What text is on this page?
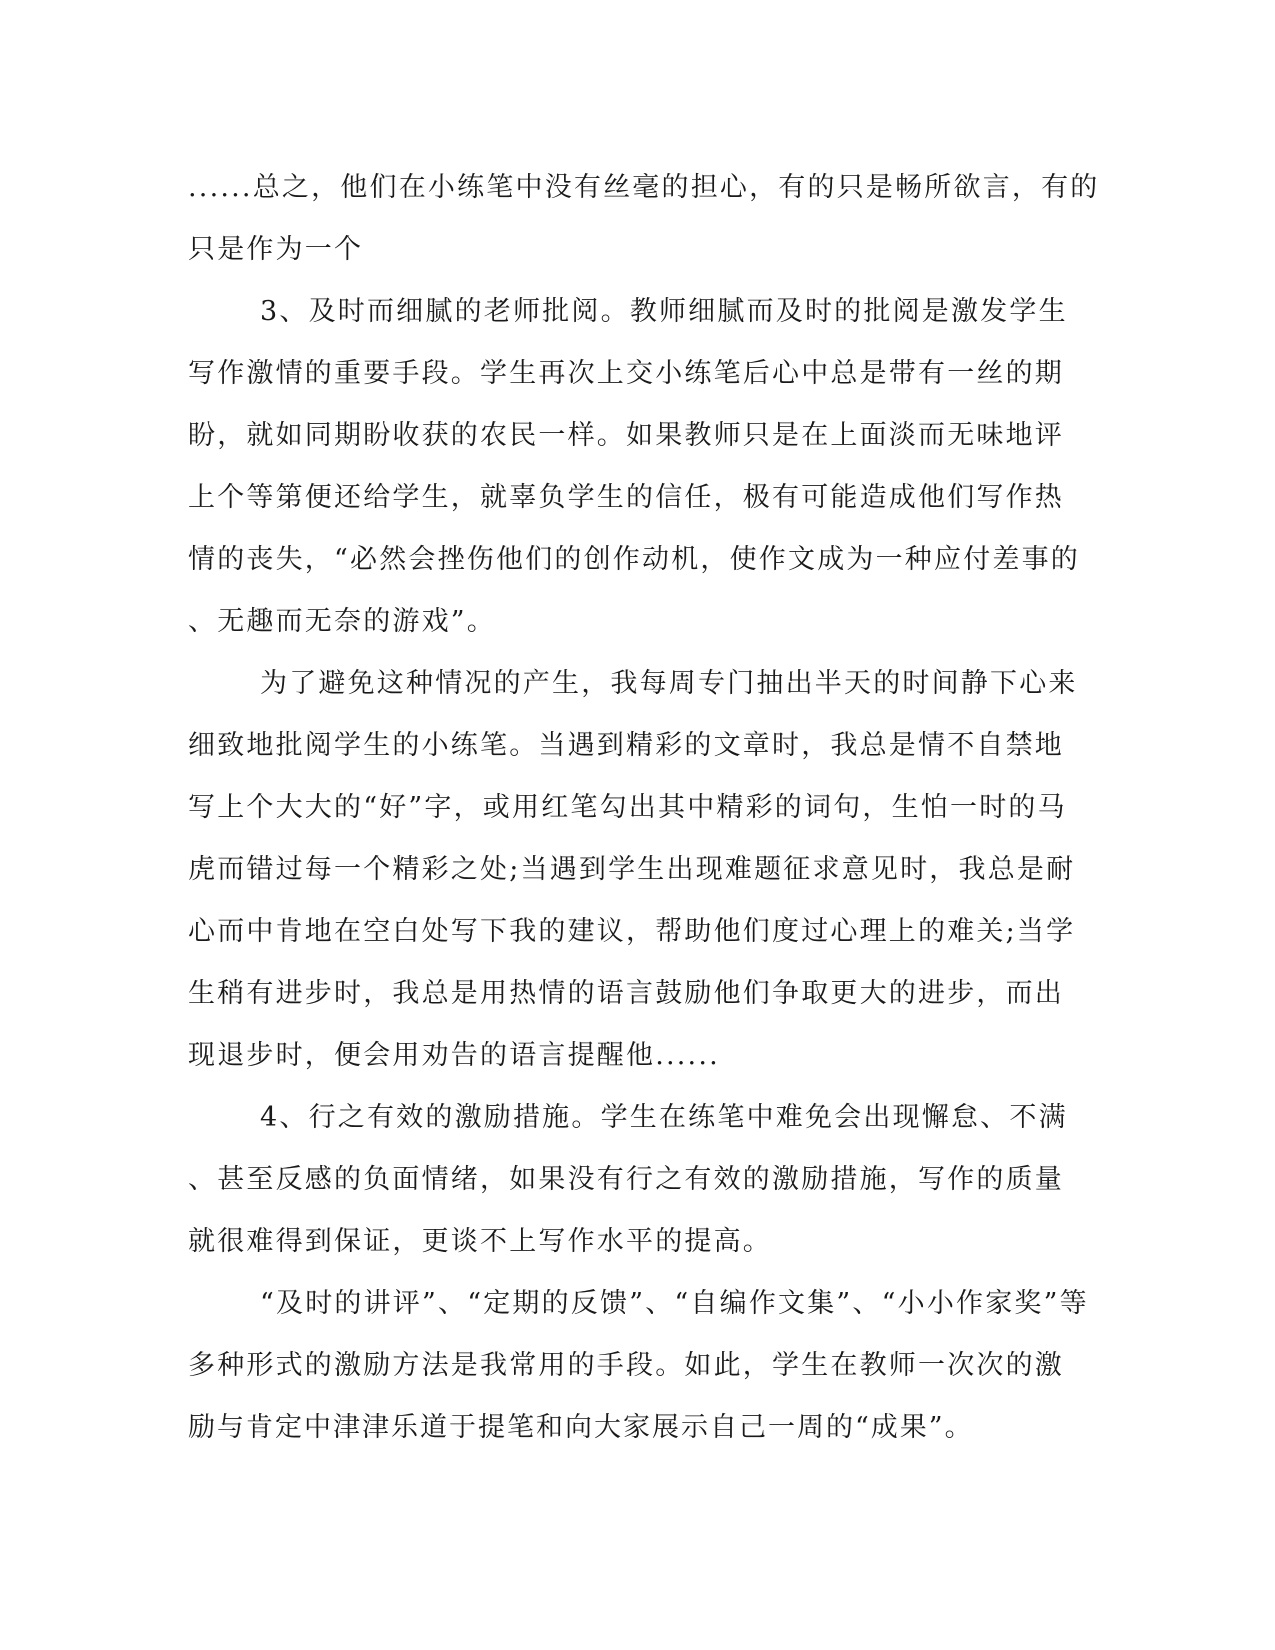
......总之，他们在小练笔中没有丝毫的担心，有的只是畅所欲言，有的
只是作为一个
3、及时而细腻的老师批阅。教师细腻而及时的批阅是激发学生
写作激情的重要手段。学生再次上交小练笔后心中总是带有一丝的期
盼，就如同期盼收获的农民一样。如果教师只是在上面淡而无味地评
上个等第便还给学生，就辜负学生的信任，极有可能造成他们写作热
情的丧失，“必然会挫伤他们的创作动机，使作文成为一种应付差事的
、无趣而无奈的游戏”。
为了避免这种情况的产生，我每周专门抽出半天的时间静下心来
细致地批阅学生的小练笔。当遇到精彩的文章时，我总是情不自禁地
写上个大大的“好”字，或用红笔勾出其中精彩的词句，生怕一时的马
虎而错过每一个精彩之处;当遇到学生出现难题征求意见时，我总是耐
心而中肯地在空白处写下我的建议，帮助他们度过心理上的难关;当学
生稍有进步时，我总是用热情的语言鼓励他们争取更大的进步，而出
现退步时，便会用劝告的语言提醒他......
4、行之有效的激励措施。学生在练笔中难免会出现懈怠、不满
、甚至反感的负面情绪，如果没有行之有效的激励措施，写作的质量
就很难得到保证，更谈不上写作水平的提高。
“及时的讲评”、“定期的反馈”、“自编作文集”、“小小作家奖”等
多种形式的激励方法是我常用的手段。如此，学生在教师一次次的激
励与肯定中津津乐道于提笔和向大家展示自己一周的“成果”。
